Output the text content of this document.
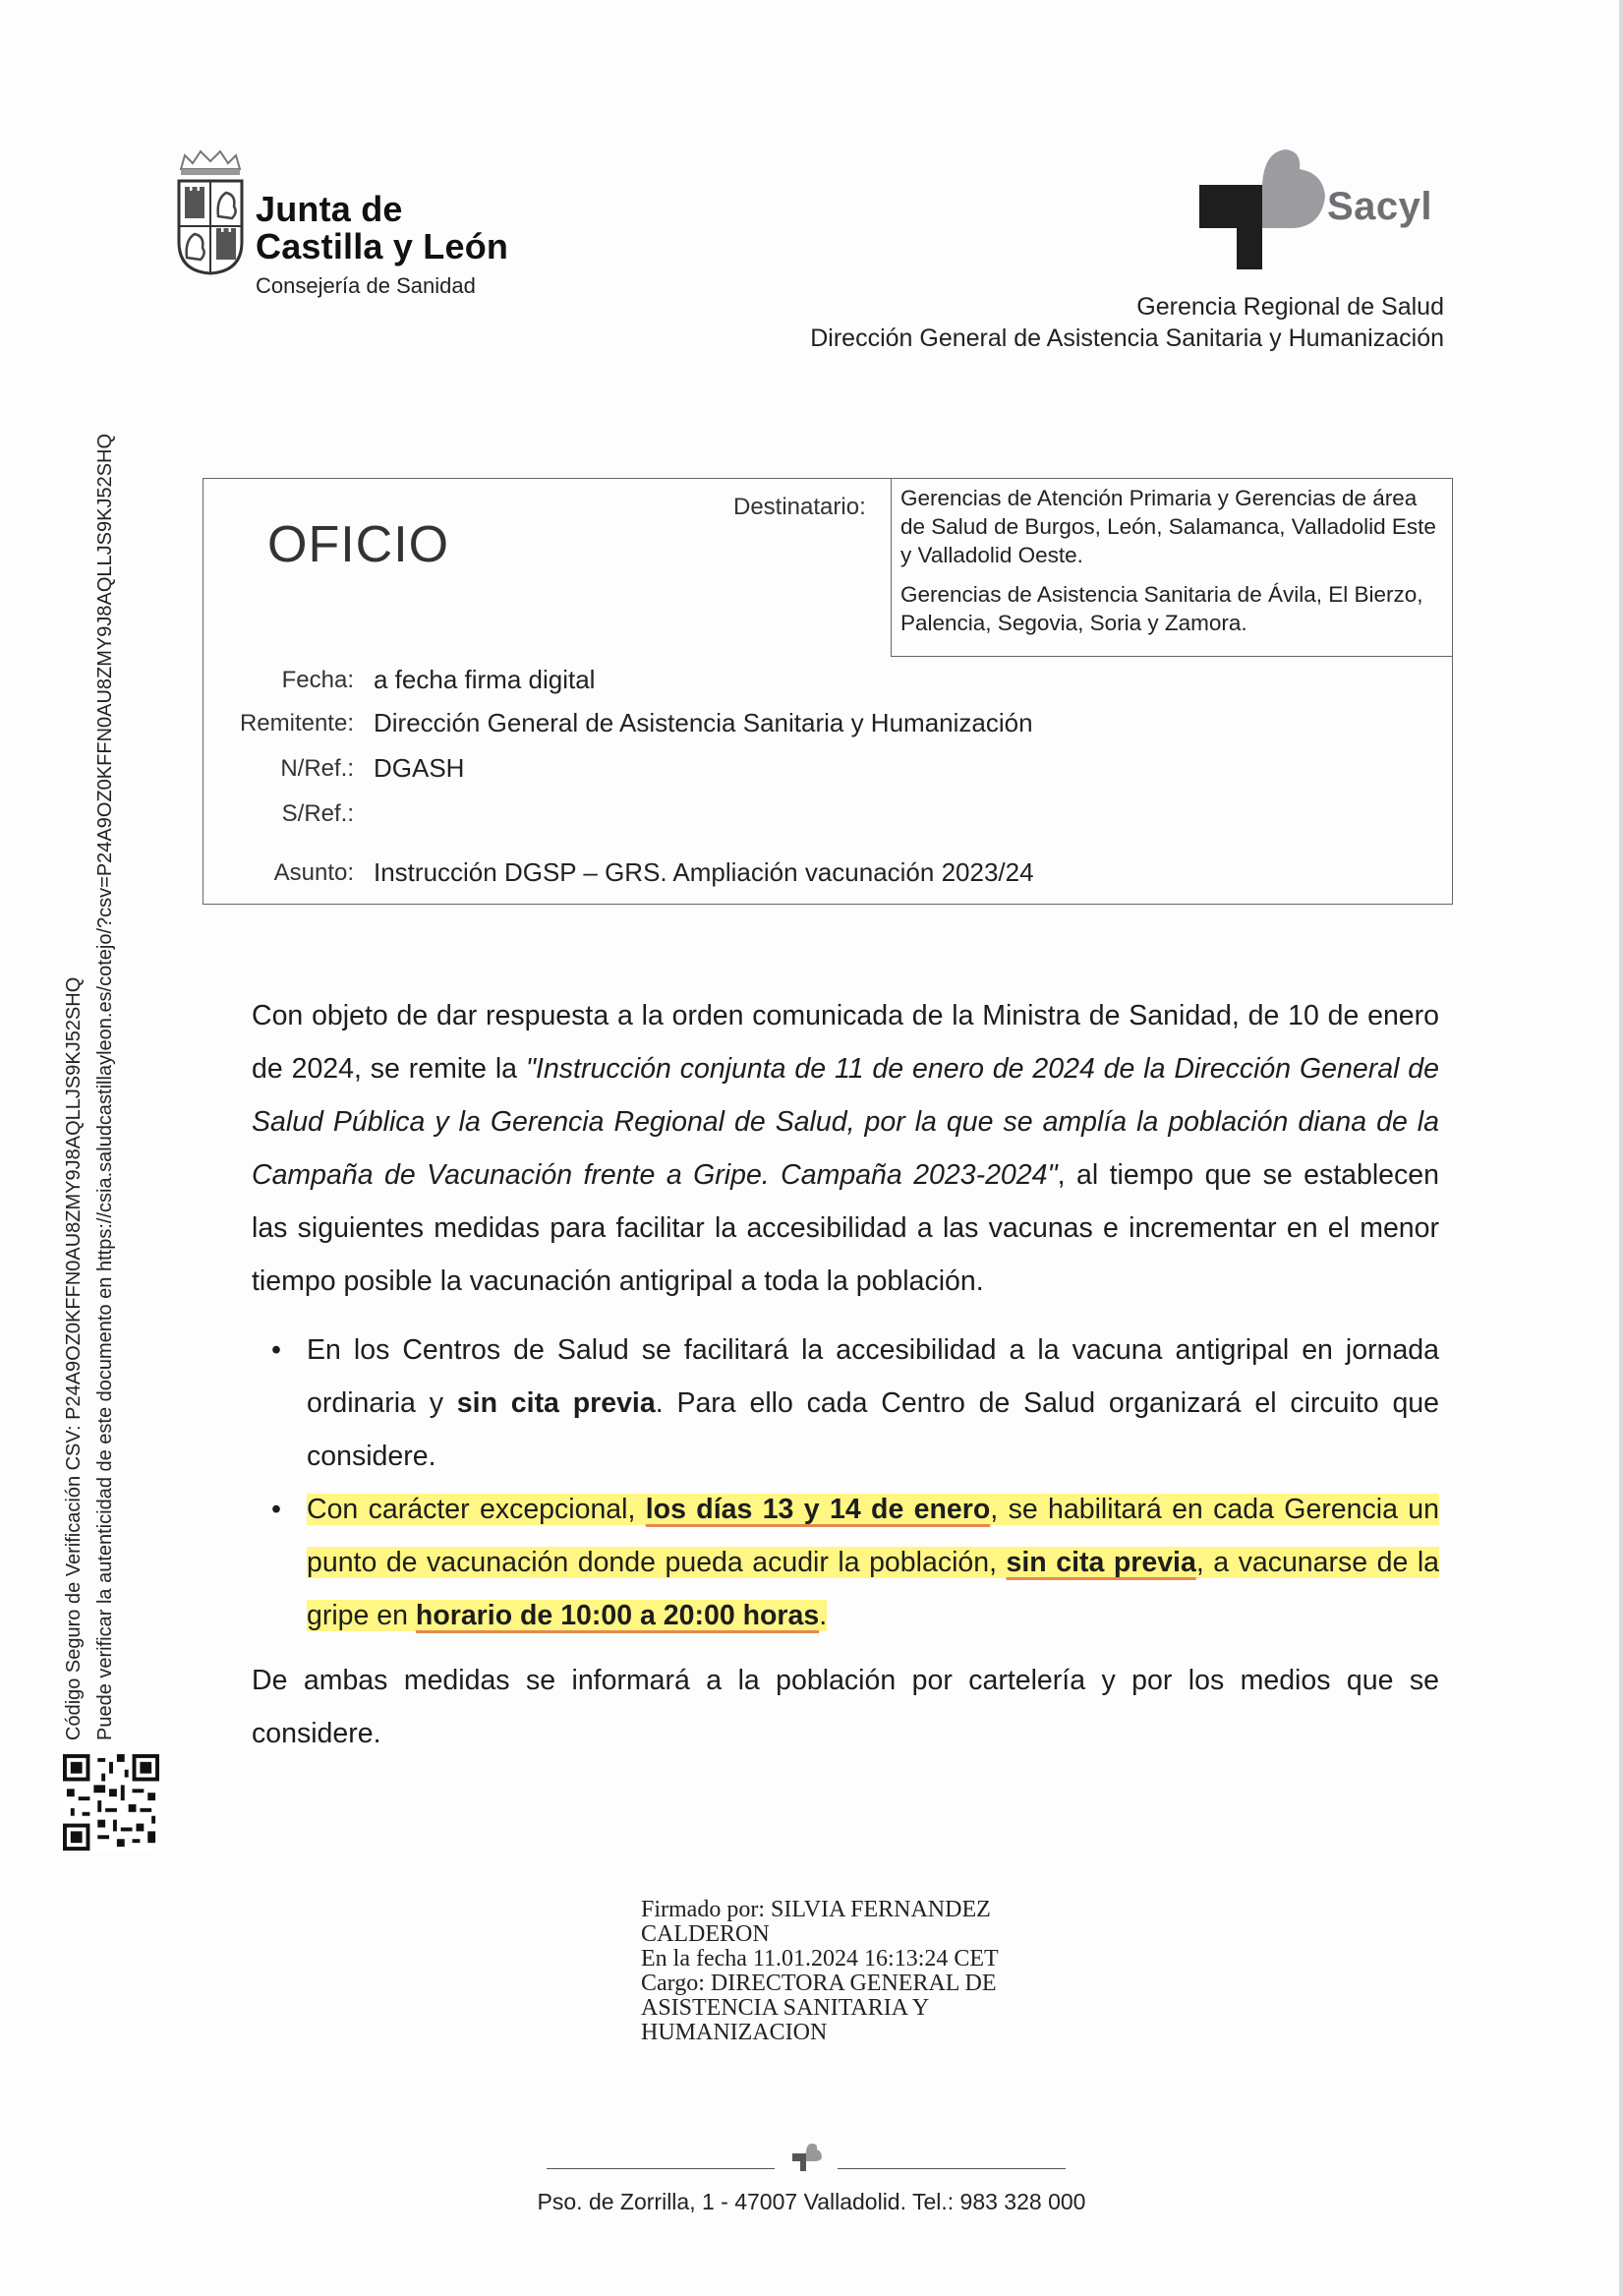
Junta de
Castilla y León
Consejería de Sanidad
Sacyl
Gerencia Regional de Salud
Dirección General de Asistencia Sanitaria y Humanización
Código Seguro de Verificación CSV: P24A9OZ0KFFN0AU8ZMY9J8AQLLJS9KJ52SHQ Puede verificar la autenticidad de este documento en https://csia.saludcastillayleon.es/cotejo/?csv=P24A9OZ0KFFN0AU8ZMY9J8AQLLJS9KJ52SHQ	OFICIO
Destinatario: Gerencias de Atención Primaria y Gerencias de área de Salud de Burgos, León, Salamanca, Valladolid Este y Valladolid Oeste.
Gerencias de Asistencia Sanitaria de Ávila, El Bierzo, Palencia, Segovia, Soria y Zamora.
Fecha: a fecha firma digital
Remitente: Dirección General de Asistencia Sanitaria y Humanización
N/Ref.: DGASH
S/Ref.:
Asunto: Instrucción DGSP – GRS. Ampliación vacunación 2023/24

Con objeto de dar respuesta a la orden comunicada de la Ministra de Sanidad, de 10 de enero de 2024, se remite la "Instrucción conjunta de 11 de enero de 2024 de la Dirección General de Salud Pública y la Gerencia Regional de Salud, por la que se amplía la población diana de la Campaña de Vacunación frente a Gripe. Campaña 2023-2024", al tiempo que se establecen las siguientes medidas para facilitar la accesibilidad a las vacunas e incrementar en el menor tiempo posible la vacunación antigripal a toda la población.

• En los Centros de Salud se facilitará la accesibilidad a la vacuna antigripal en jornada ordinaria y sin cita previa. Para ello cada Centro de Salud organizará el circuito que considere.
• Con carácter excepcional, los días 13 y 14 de enero, se habilitará en cada Gerencia un punto de vacunación donde pueda acudir la población, sin cita previa, a vacunarse de la gripe en horario de 10:00 a 20:00 horas.

De ambas medidas se informará a la población por cartelería y por los medios que se considere.

Firmado por: SILVIA FERNANDEZ
CALDERON
En la fecha 11.01.2024 16:13:24 CET
Cargo: DIRECTORA GENERAL DE
ASISTENCIA SANITARIA Y
HUMANIZACION
Pso. de Zorrilla, 1 - 47007 Valladolid. Tel.: 983 328 000
